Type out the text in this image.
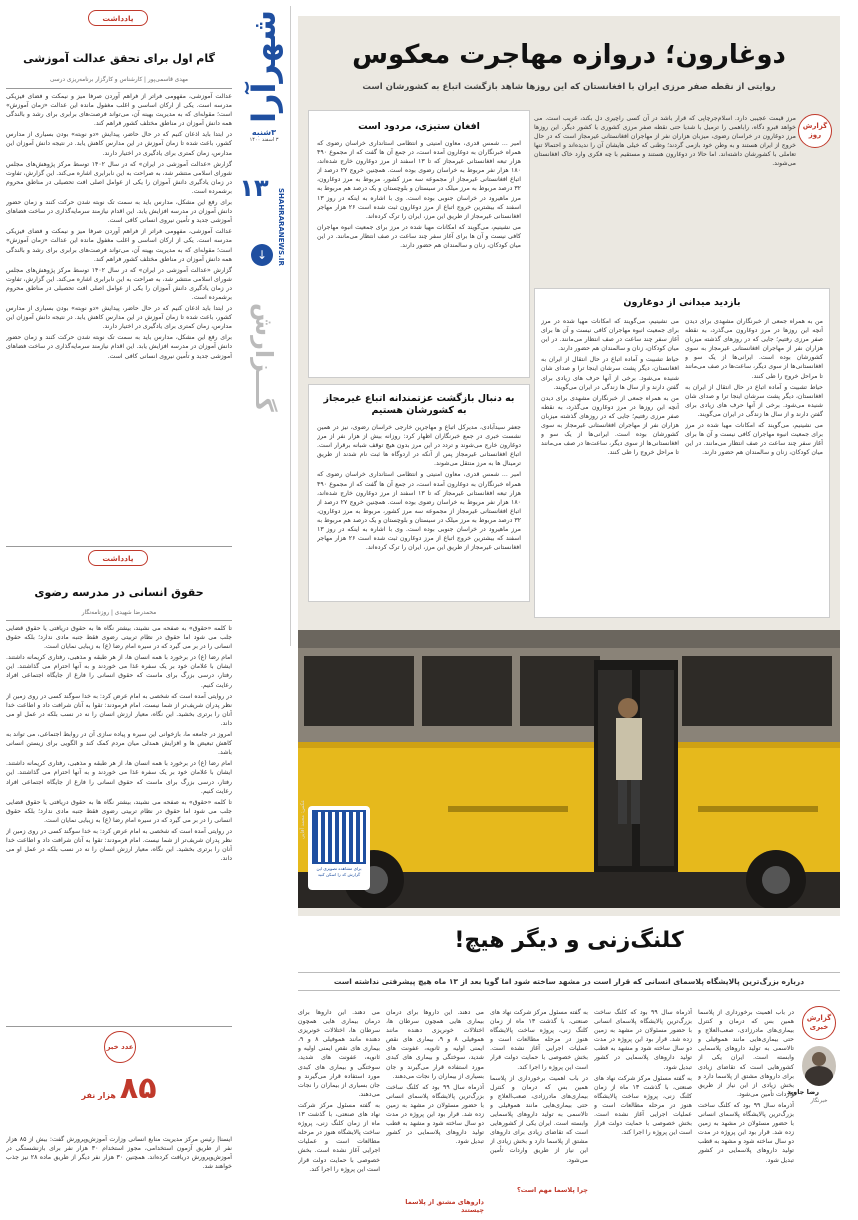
یادداشت
گام اول برای تحقق عدالت آموزشی
مهدی قاسمی‌پور | کارشناس و کارگزار برنامه‌ریزی درسی

عدالت آموزشی، مفهومی فراتر از فراهم آوردن صرفا میز و نیمکت و فضای فیزیکی مدرسه است. یکی از ارکان اساسی و اغلب مغفول مانده این عدالت «زمان آموزش» است؛ مقوله‌ای که به مدیریت بهینه آن، می‌تواند فرصت‌های برابری برای رشد و بالندگی همه دانش آموزان در مناطق مختلف کشور فراهم کند.

در ابتدا باید اذعان کنیم که در حال حاضر، پیدایش «دو نوبته» بودن بسیاری از مدارس کشور، باعث شده تا زمان آموزش در این مدارس کاهش یابد. در نتیجه دانش آموزان این مدارس، زمان کمتری برای یادگیری در اختیار دارند.

گزارش «عدالت آموزشی در ایران» که در سال ۱۴۰۲ توسط مرکز پژوهش‌های مجلس شورای اسلامی منتشر شد، به صراحت به این نابرابری اشاره می‌کند. این گزارش، تفاوت در زمان یادگیری دانش آموزان را یکی از عوامل اصلی افت تحصیلی در مناطق محروم برشمرده است.

برای رفع این مشکل، مدارس باید به سمت تک نوبته شدن حرکت کنند و زمان حضور دانش آموزان در مدرسه افزایش یابد. این اقدام نیازمند سرمایه‌گذاری در ساخت فضاهای آموزشی جدید و تأمین نیروی انسانی کافی است.

عدالت آموزشی، مفهومی فراتر از فراهم آوردن صرفا میز و نیمکت و فضای فیزیکی مدرسه است. یکی از ارکان اساسی و اغلب مغفول مانده این عدالت «زمان آموزش» است؛ مقوله‌ای که به مدیریت بهینه آن، می‌تواند فرصت‌های برابری برای رشد و بالندگی همه دانش آموزان در مناطق مختلف کشور فراهم کند.

گزارش «عدالت آموزشی در ایران» که در سال ۱۴۰۲ توسط مرکز پژوهش‌های مجلس شورای اسلامی منتشر شد، به صراحت به این نابرابری اشاره می‌کند. این گزارش، تفاوت در زمان یادگیری دانش آموزان را یکی از عوامل اصلی افت تحصیلی در مناطق محروم برشمرده است.

در ابتدا باید اذعان کنیم که در حال حاضر، پیدایش «دو نوبته» بودن بسیاری از مدارس کشور، باعث شده تا زمان آموزش در این مدارس کاهش یابد. در نتیجه دانش آموزان این مدارس، زمان کمتری برای یادگیری در اختیار دارند.

برای رفع این مشکل، مدارس باید به سمت تک نوبته شدن حرکت کنند و زمان حضور دانش آموزان در مدرسه افزایش یابد. این اقدام نیازمند سرمایه‌گذاری در ساخت فضاهای آموزشی جدید و تأمین نیروی انسانی کافی است.

یادداشت
حقوق انسانی در مدرسه رضوی
محمدرضا شهیدی | روزنامه‌نگار

تا کلمه «حقوق» به صفحه می نشیند، بیشتر نگاه ها به حقوق دریافتی یا حقوق قضایی جلب می شود اما حقوق در نظام تربیتی رضوی فقط جنبه مادی ندارد؛ بلکه حقوق انسانی را در بر می گیرد که در سیره امام رضا (ع) به زیبایی نمایان است.

امام رضا (ع) در برخورد با همه انسان ها، از هر طبقه و مذهبی، رفتاری کریمانه داشتند. ایشان با غلامان خود بر یک سفره غذا می خوردند و به آنها احترام می گذاشتند. این رفتار، درسی بزرگ برای ماست که حقوق انسانی را فارغ از جایگاه اجتماعی افراد رعایت کنیم.

در روایتی آمده است که شخصی به امام عرض کرد: به خدا سوگند کسی در روی زمین از نظر پدران شریف‌تر از شما نیست. امام فرمودند: تقوا به آنان شرافت داد و اطاعت خدا آنان را برتری بخشید. این نگاه، معیار ارزش انسان را نه در نسب بلکه در عمل او می داند.

امروز در جامعه ما، بازخوانی این سیره و پیاده سازی آن در روابط اجتماعی، می تواند به کاهش تبعیض ها و افزایش همدلی میان مردم کمک کند و الگویی برای زیستن انسانی باشد.

امام رضا (ع) در برخورد با همه انسان ها، از هر طبقه و مذهبی، رفتاری کریمانه داشتند. ایشان با غلامان خود بر یک سفره غذا می خوردند و به آنها احترام می گذاشتند. این رفتار، درسی بزرگ برای ماست که حقوق انسانی را فارغ از جایگاه اجتماعی افراد رعایت کنیم.

تا کلمه «حقوق» به صفحه می نشیند، بیشتر نگاه ها به حقوق دریافتی یا حقوق قضایی جلب می شود اما حقوق در نظام تربیتی رضوی فقط جنبه مادی ندارد؛ بلکه حقوق انسانی را در بر می گیرد که در سیره امام رضا (ع) به زیبایی نمایان است.

در روایتی آمده است که شخصی به امام عرض کرد: به خدا سوگند کسی در روی زمین از نظر پدران شریف‌تر از شما نیست. امام فرمودند: تقوا به آنان شرافت داد و اطاعت خدا آنان را برتری بخشید. این نگاه، معیار ارزش انسان را نه در نسب بلکه در عمل او می داند.

عدد خبر
۸۵
هزار نفر
ایسنا| رئیس مرکز مدیریت منابع انسانی وزارت آموزش‌وپرورش گفت: بیش از ۸۵ هزار نفر از طریق آزمون استخدامی، مجوز استخدام ۳۰ هزار نفر برای بازنشستگی در آموزش‌وپرورش دریافت کرده‌اند. همچنین ۳۰ هزار نفر دیگر از طریق ماده ۲۸ نیز جذب خواهند شد.
شهرآرا
۳شنبه
۳ اسفند ۱۴۰۰
۱۳
SHAHRARANEWS.IR
↓
گـــزارش
دوغارون؛ دروازه مهاجرت معکوس
روایتی از نقطه صفر مرزی ایران با افغانستان که این روزها شاهد بازگشت اتباع به کشورشان است
گزارش روز
مرز قیمت عجیبی دارد. اسلام‌جرچاپی که قرار باشد در آن کسی راچیری دل بکند، غریب است. می خواهد قبرو دگاه، راباهمی را ترمیل با شدیا حتی نقطه صفر مرزی کشوری یا کشور دیگر. این روزها مرز دوغارون در خراسان رضوی، میزبان هزاران نفر از مهاجران افغانستانی غیرمجاز است که در حال خروج از ایران هستند و به وطن خود بازمی گردند؛ وطنی که خیلی هایشان آن را ندیده‌اند و احتمالا تنها تعاملی با کشورشان داشته‌اند. اما حالا در دوغارون هستند و مستقیم با چه فکری وارد خاک افغانستان می‌شوند.
افغان ستیزی، مردود است

امیر ... شمس قدری، معاون امنیتی و انتظامی استانداری خراسان رضوی که همراه خبرنگاران به دوغارون آمده است، در جمع آن ها گفت که از مجموع ۴۹۰ هزار تبعه افغانستانی غیرمجاز که تا ۱۳ اسفند از مرز دوغارون خارج شده‌اند، ۱۸۰ هزار نفر مربوط به خراسان رضوی بوده است. همچنین خروج ۲۷ درصد از اتباع افغانستانی غیرمجاز از مجموعه سه مرز کشور، مربوط به مرز دوغارون، ۳۲ درصد مربوط به مرز میلک در سیستان و بلوچستان و یک درصد هم مربوط به مرز ماهیرود در خراسان جنوبی بوده است. وی با اشاره به اینکه در روز ۱۳ اسفند که بیشترین خروج اتباع از مرز دوغارون ثبت شده است ۲۶ هزار مهاجر افغانستانی غیرمجاز از طریق این مرز، ایران را ترک کرده‌اند.

می نشینیم، می‌گویند که امکانات مهیا شده در مرز برای جمعیت انبوه مهاجران کافی نیست و آن ها برای آغاز سفر چند ساعت در صف انتظار می‌مانند. در این میان کودکان، زنان و سالمندان هم حضور دارند.

بازدید میدانی از دوغارون

من به همراه جمعی از خبرنگاران مشهدی برای دیدن آنچه این روزها در مرز دوغارون می‌گذرد، به نقطه صفر مرزی رفتیم؛ جایی که در روزهای گذشته میزبان هزاران نفر از مهاجران افغانستانی غیرمجاز به سوی کشورشان بوده است. ایرانی‌ها از یک سو و افغانستانی‌ها از سوی دیگر، ساعت‌ها در صف می‌مانند تا مراحل خروج را طی کنند.

حیاط تشبیت و آماده اتباع در حال انتقال از ایران به افغانستان، دیگر پشت سرشان اینجا ترا و صدای شان شنیده می‌شود. برخی از آنها حرف های زیادی برای گفتن دارند و از سال ها زندگی در ایران می‌گویند.

می نشینیم، می‌گویند که امکانات مهیا شده در مرز برای جمعیت انبوه مهاجران کافی نیست و آن ها برای آغاز سفر چند ساعت در صف انتظار می‌مانند. در این میان کودکان، زنان و سالمندان هم حضور دارند.

می نشینیم، می‌گویند که امکانات مهیا شده در مرز برای جمعیت انبوه مهاجران کافی نیست و آن ها برای آغاز سفر چند ساعت در صف انتظار می‌مانند. در این میان کودکان، زنان و سالمندان هم حضور دارند.

حیاط تشبیت و آماده اتباع در حال انتقال از ایران به افغانستان، دیگر پشت سرشان اینجا ترا و صدای شان شنیده می‌شود. برخی از آنها حرف های زیادی برای گفتن دارند و از سال ها زندگی در ایران می‌گویند.

من به همراه جمعی از خبرنگاران مشهدی برای دیدن آنچه این روزها در مرز دوغارون می‌گذرد، به نقطه صفر مرزی رفتیم؛ جایی که در روزهای گذشته میزبان هزاران نفر از مهاجران افغانستانی غیرمجاز به سوی کشورشان بوده است. ایرانی‌ها از یک سو و افغانستانی‌ها از سوی دیگر، ساعت‌ها در صف می‌مانند تا مراحل خروج را طی کنند.

به دنبال بازگشت عزتمندانه اتباع غیرمجاز به کشورشان هستیم

جعفر سیدآبادی، مدیرکل اتباع و مهاجرین خارجی خراسان رضوی، نیز در همین نشست خبری در جمع خبرنگاران اظهار کرد: روزانه بیش از هزار نفر از مرز دوغارون خارج می‌شوند و تردد در این مرز بدون هیچ توقف شبانه برقرار است. اتباع افغانستانی غیرمجاز پس از آنکه در اردوگاه ها ثبت نام شدند از طریق ترمینال ها به مرز منتقل می‌شوند.

امیر ... شمس قدری، معاون امنیتی و انتظامی استانداری خراسان رضوی که همراه خبرنگاران به دوغارون آمده است، در جمع آن ها گفت که از مجموع ۴۹۰ هزار تبعه افغانستانی غیرمجاز که تا ۱۳ اسفند از مرز دوغارون خارج شده‌اند، ۱۸۰ هزار نفر مربوط به خراسان رضوی بوده است. همچنین خروج ۲۷ درصد از اتباع افغانستانی غیرمجاز از مجموعه سه مرز کشور، مربوط به مرز دوغارون، ۳۲ درصد مربوط به مرز میلک در سیستان و بلوچستان و یک درصد هم مربوط به مرز ماهیرود در خراسان جنوبی بوده است. وی با اشاره به اینکه در روز ۱۳ اسفند که بیشترین خروج اتباع از مرز دوغارون ثبت شده است ۲۶ هزار مهاجر افغانستانی غیرمجاز از طریق این مرز، ایران را ترک کرده‌اند.

برای مشاهده تصویری این گزارش کد را اسکن کنید
عکس: محمد آقایی
کلنگ‌زنی و دیگر هیچ!
درباره بزرگ‌ترین پالایشگاه پلاسمای انسانی که قرار است در مشهد ساخته شود اما گویا بعد از ۱۳ ماه هیچ پیشرفتی نداشته است
گزارش خبری
رضا جاوید
خبرنگار

در باب اهمیت برخورداری از پلاسما همین بس که درمان و کنترل بیماری‌های مادرزادی، صعب‌العلاج و حتی بیماری‌هایی مانند هموفیلی و تالاسمی به تولید داروهای پلاسمایی وابسته است. ایران یکی از کشورهایی است که تقاضای زیادی برای داروهای مشتق از پلاسما دارد و بخش زیادی از این نیاز از طریق واردات تأمین می‌شود.

آذرماه سال ۹۹ بود که کلنگ ساخت بزرگ‌ترین پالایشگاه پلاسمای انسانی با حضور مسئولان در مشهد به زمین زده شد. قرار بود این پروژه در مدت دو سال ساخته شود و مشهد به قطب تولید داروهای پلاسمایی در کشور تبدیل شود.

آذرماه سال ۹۹ بود که کلنگ ساخت بزرگ‌ترین پالایشگاه پلاسمای انسانی با حضور مسئولان در مشهد به زمین زده شد. قرار بود این پروژه در مدت دو سال ساخته شود و مشهد به قطب تولید داروهای پلاسمایی در کشور تبدیل شود.

به گفته مسئول مرکز شرکت نهاد های صنعتی، با گذشت ۱۳ ماه از زمان کلنگ زنی، پروژه ساخت پالایشگاه هنوز در مرحله مطالعات است و عملیات اجرایی آغاز نشده است. بخش خصوصی با حمایت دولت قرار است این پروژه را اجرا کند.

به گفته مسئول مرکز شرکت نهاد های صنعتی، با گذشت ۱۳ ماه از زمان کلنگ زنی، پروژه ساخت پالایشگاه هنوز در مرحله مطالعات است و عملیات اجرایی آغاز نشده است. بخش خصوصی با حمایت دولت قرار است این پروژه را اجرا کند.

در باب اهمیت برخورداری از پلاسما همین بس که درمان و کنترل بیماری‌های مادرزادی، صعب‌العلاج و حتی بیماری‌هایی مانند هموفیلی و تالاسمی به تولید داروهای پلاسمایی وابسته است. ایران یکی از کشورهایی است که تقاضای زیادی برای داروهای مشتق از پلاسما دارد و بخش زیادی از این نیاز از طریق واردات تأمین می‌شود.

چرا پلاسما مهم است؟

می دهند. این داروها برای درمان بیماری هایی همچون سرطان ها، اختلالات خونریزی دهنده مانند هموفیلی ۸ و ۹، بیماری های نقص ایمنی اولیه و ثانویه، عفونت های شدید، سوختگی و بیماری های کبدی مورد استفاده قرار می‌گیرند و جان بسیاری از بیماران را نجات می‌دهند.

آذرماه سال ۹۹ بود که کلنگ ساخت بزرگ‌ترین پالایشگاه پلاسمای انسانی با حضور مسئولان در مشهد به زمین زده شد. قرار بود این پروژه در مدت دو سال ساخته شود و مشهد به قطب تولید داروهای پلاسمایی در کشور تبدیل شود.

داروهای مشتق از پلاسما چیستند

می دهند. این داروها برای درمان بیماری هایی همچون سرطان ها، اختلالات خونریزی دهنده مانند هموفیلی ۸ و ۹، بیماری های نقص ایمنی اولیه و ثانویه، عفونت های شدید، سوختگی و بیماری های کبدی مورد استفاده قرار می‌گیرند و جان بسیاری از بیماران را نجات می‌دهند.

به گفته مسئول مرکز شرکت نهاد های صنعتی، با گذشت ۱۳ ماه از زمان کلنگ زنی، پروژه ساخت پالایشگاه هنوز در مرحله مطالعات است و عملیات اجرایی آغاز نشده است. بخش خصوصی با حمایت دولت قرار است این پروژه را اجرا کند.
